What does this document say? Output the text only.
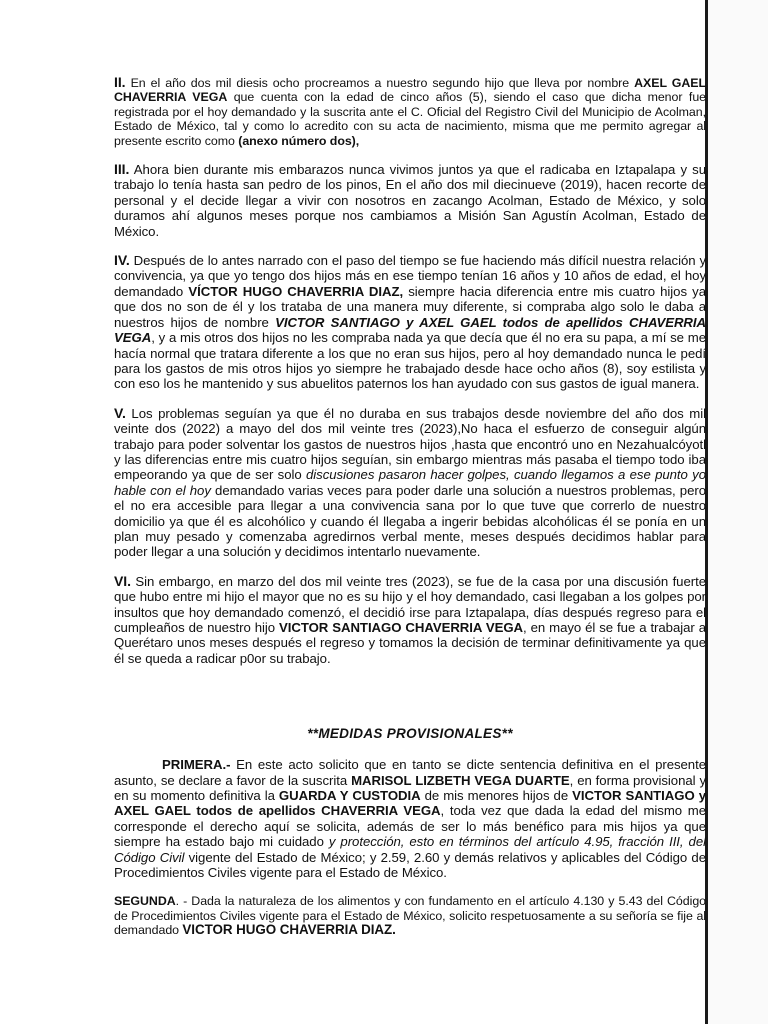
II. En el año dos mil diesis ocho procreamos a nuestro segundo hijo que lleva por nombre AXEL GAEL CHAVERRIA VEGA que cuenta con la edad de cinco años (5), siendo el caso que dicha menor fue registrada por el hoy demandado y la suscrita ante el C. Oficial del Registro Civil del Municipio de Acolman, Estado de México, tal y como lo acredito con su acta de nacimiento, misma que me permito agregar al presente escrito como (anexo número dos),

III. Ahora bien durante mis embarazos nunca vivimos juntos ya que el radicaba en Iztapalapa y su trabajo lo tenía hasta san pedro de los pinos, En el año dos mil diecinueve (2019), hacen recorte de personal y el decide llegar a vivir con nosotros en zacango Acolman, Estado de México, y solo duramos ahí algunos meses porque nos cambiamos a Misión San Agustín Acolman, Estado de México.

IV. Después de lo antes narrado con el paso del tiempo se fue haciendo más difícil nuestra relación y convivencia, ya que yo tengo dos hijos más en ese tiempo tenían 16 años y 10 años de edad, el hoy demandado VÍCTOR HUGO CHAVERRIA DIAZ, siempre hacia diferencia entre mis cuatro hijos ya que dos no son de él y los trataba de una manera muy diferente, si compraba algo solo le daba a nuestros hijos de nombre VICTOR SANTIAGO y AXEL GAEL todos de apellidos CHAVERRIA VEGA, y a mis otros dos hijos no les compraba nada ya que decía que él no era su papa, a mí se me hacía normal que tratara diferente a los que no eran sus hijos, pero al hoy demandado nunca le pedí para los gastos de mis otros hijos yo siempre he trabajado desde hace ocho años (8), soy estilista y con eso los he mantenido y sus abuelitos paternos los han ayudado con sus gastos de igual manera.

V. Los problemas seguían ya que él no duraba en sus trabajos desde noviembre del año dos mil veinte dos (2022) a mayo del dos mil veinte tres (2023),No haca el esfuerzo de conseguir algún trabajo para poder solventar los gastos de nuestros hijos ,hasta que encontró uno en Nezahualcóyotl y las diferencias entre mis cuatro hijos seguían, sin embargo mientras más pasaba el tiempo todo iba empeorando ya que de ser solo discusiones pasaron hacer golpes, cuando llegamos a ese punto yo hable con el hoy demandado varias veces para poder darle una solución a nuestros problemas, pero el no era accesible para llegar a una convivencia sana por lo que tuve que correrlo de nuestro domicilio ya que él es alcohólico y cuando él llegaba a ingerir bebidas alcohólicas él se ponía en un plan muy pesado y comenzaba agredirnos verbal mente, meses después decidimos hablar para poder llegar a una solución y decidimos intentarlo nuevamente.

VI. Sin embargo, en marzo del dos mil veinte tres (2023), se fue de la casa por una discusión fuerte que hubo entre mi hijo el mayor que no es su hijo y el hoy demandado, casi llegaban a los golpes por insultos que hoy demandado comenzó, el decidió irse para Iztapalapa, días después regreso para el cumpleaños de nuestro hijo VICTOR SANTIAGO CHAVERRIA VEGA, en mayo él se fue a trabajar a Querétaro unos meses después el regreso y tomamos la decisión de terminar definitivamente ya que él se queda a radicar p0or su trabajo.

**MEDIDAS PROVISIONALES**

PRIMERA.- En este acto solicito que en tanto se dicte sentencia definitiva en el presente asunto, se declare a favor de la suscrita MARISOL LIZBETH VEGA DUARTE, en forma provisional y en su momento definitiva la GUARDA Y CUSTODIA de mis menores hijos de VICTOR SANTIAGO y AXEL GAEL todos de apellidos CHAVERRIA VEGA, toda vez que dada la edad del mismo me corresponde el derecho aquí se solicita, además de ser lo más benéfico para mis hijos ya que siempre ha estado bajo mi cuidado y protección, esto en términos del artículo 4.95, fracción III, del Código Civil vigente del Estado de México; y 2.59, 2.60 y demás relativos y aplicables del Código de Procedimientos Civiles vigente para el Estado de México.

SEGUNDA. - Dada la naturaleza de los alimentos y con fundamento en el artículo 4.130 y 5.43 del Código de Procedimientos Civiles vigente para el Estado de México, solicito respetuosamente a su señoría se fije al demandado VICTOR HUGO CHAVERRIA DIAZ.
